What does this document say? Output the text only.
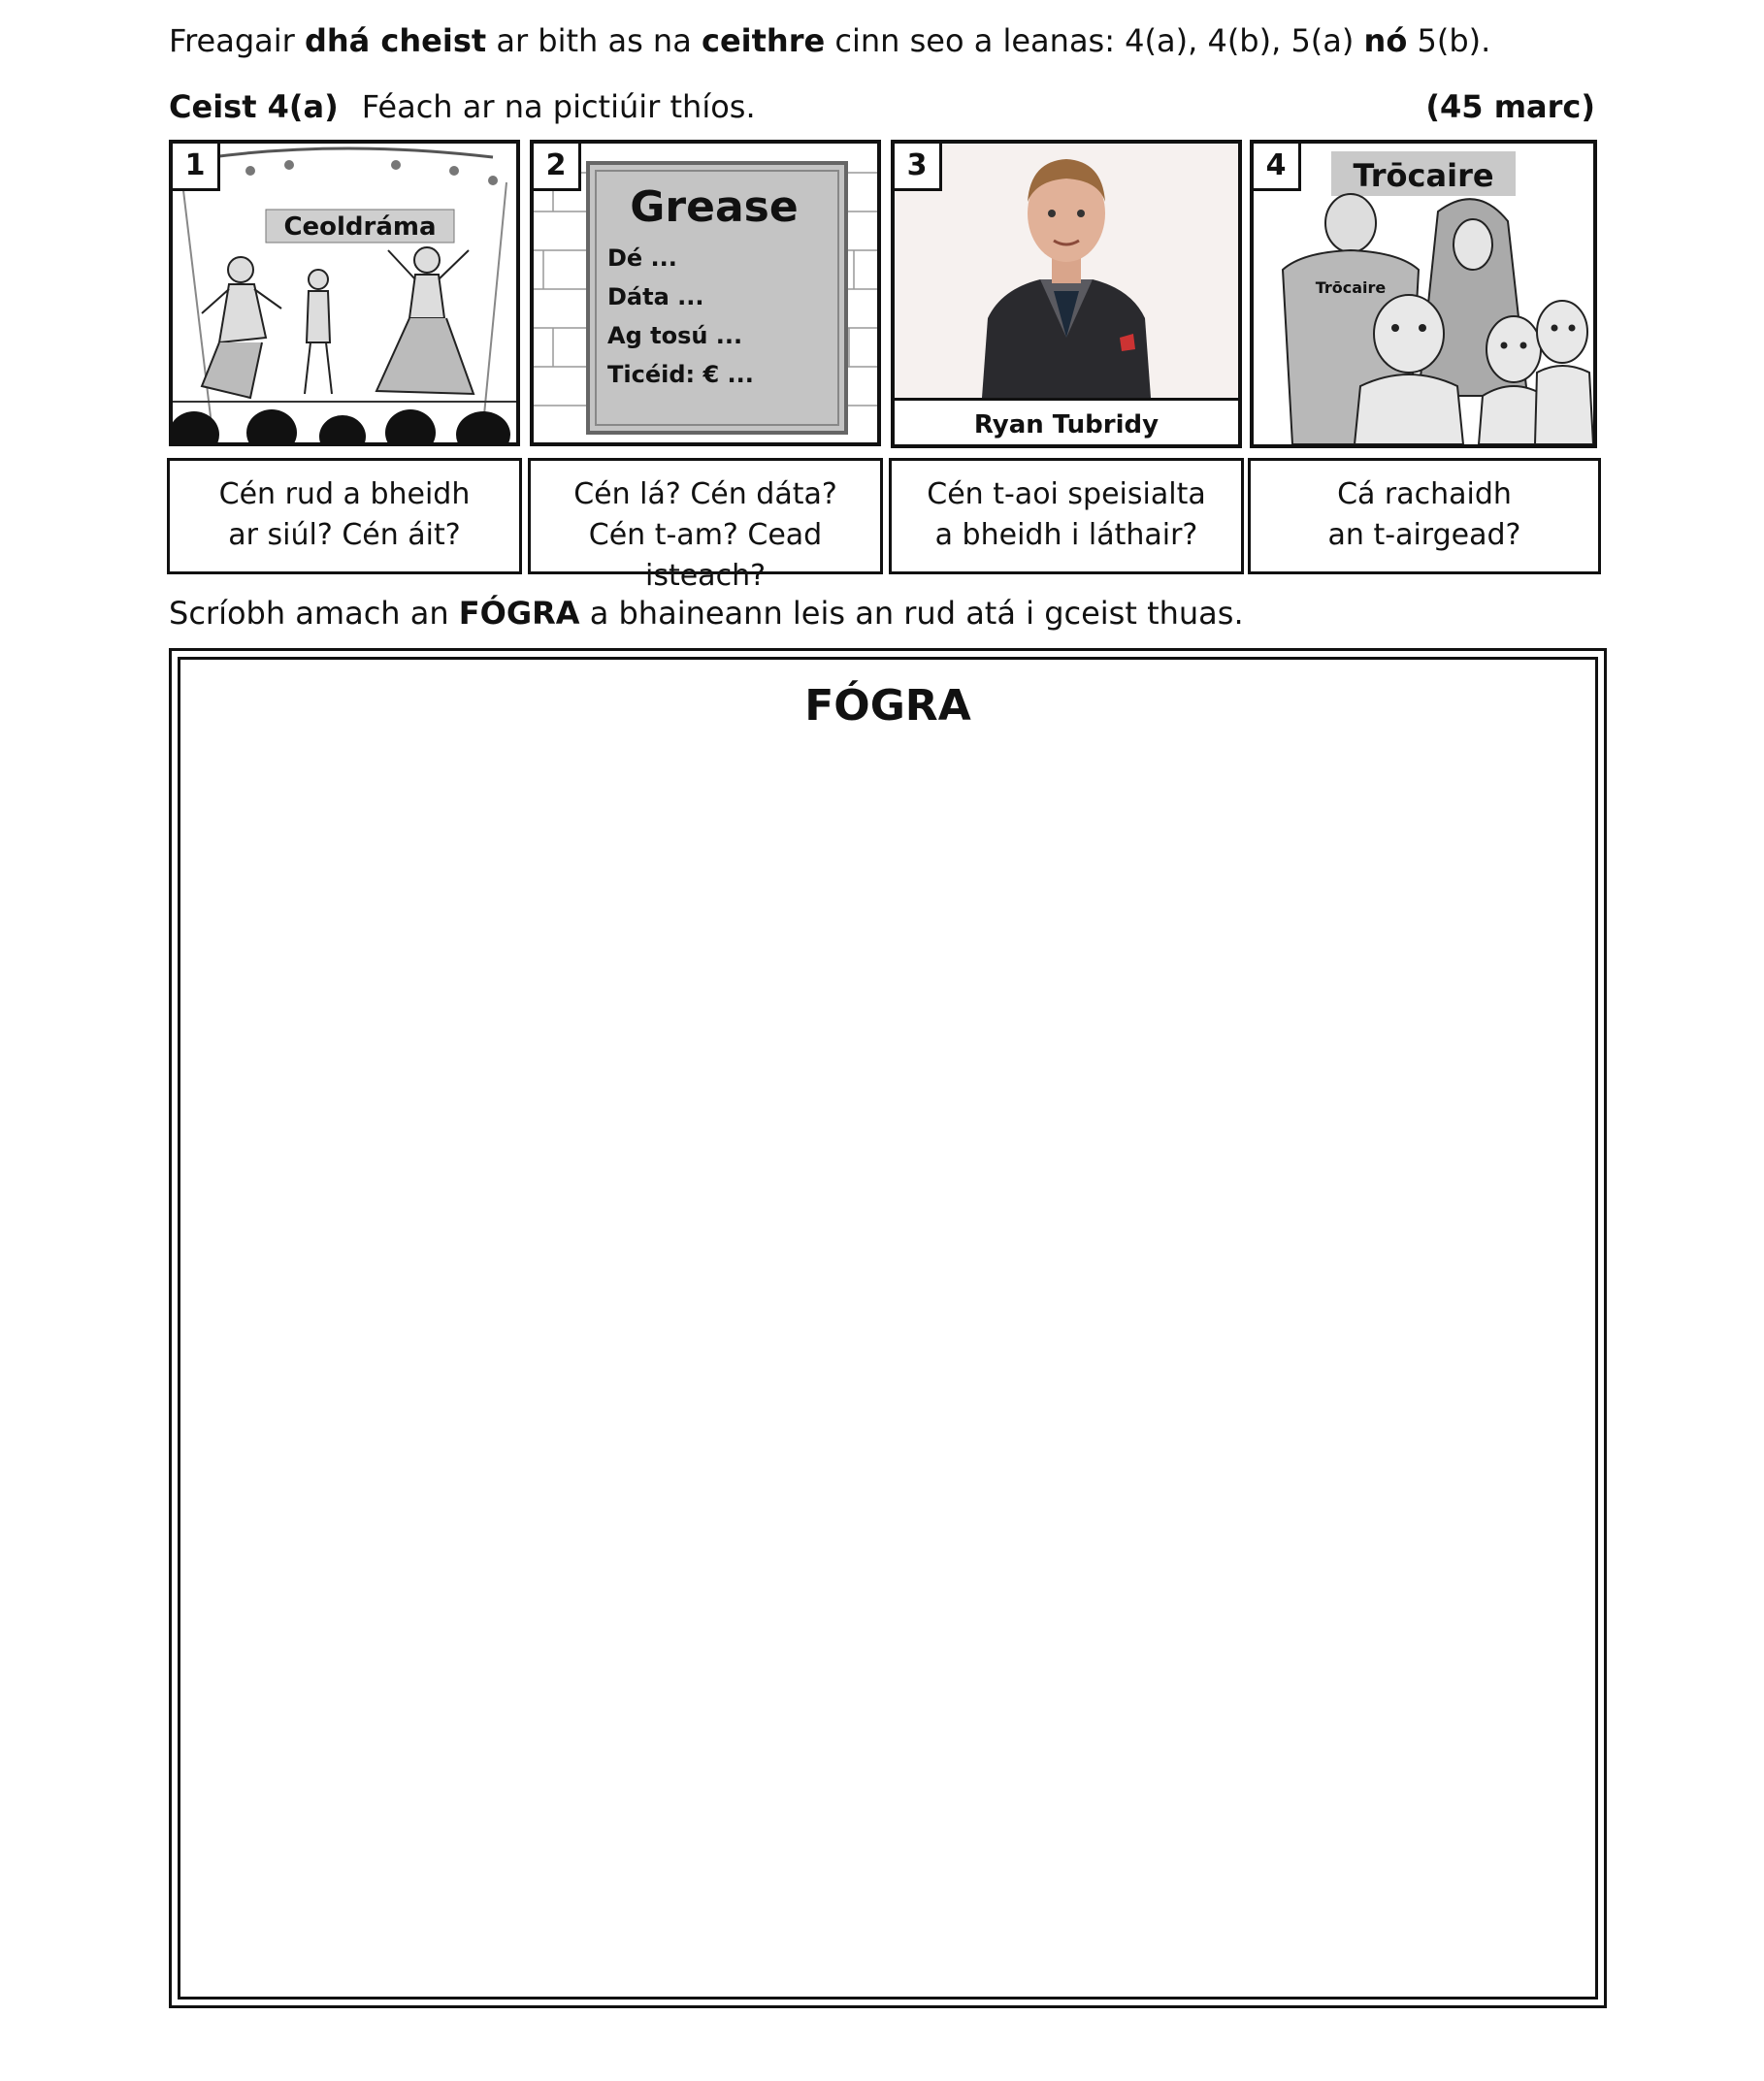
Freagair dhá cheist ar bith as na ceithre cinn seo a leanas: 4(a), 4(b), 5(a) nó 5(b).
Ceist 4(a) Féach ar na pictiúir thíos.	(45 marc)
1
Ceoldráma
2
Grease
Dé ...
Dáta ...
Ag tosú ...
Ticéid: € ...
3
Ryan Tubridy
4	Trōcaire
Trōcaire
Cén rud a bheidh
ar siúl? Cén áit?
Cén lá? Cén dáta?
Cén t-am? Cead isteach?
Cén t-aoi speisialta
a bheidh i láthair?
Cá rachaidh
an t-airgead?
Scríobh amach an FÓGRA a bhaineann leis an rud atá i gceist thuas.
FÓGRA
